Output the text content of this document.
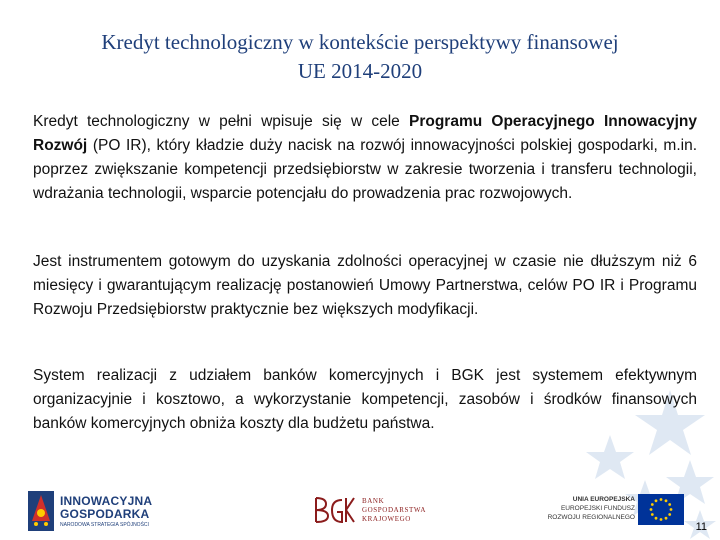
Kredyt technologiczny w kontekście perspektywy finansowej
UE 2014-2020

Kredyt technologiczny w pełni wpisuje się w cele Programu Operacyjnego Innowacyjny Rozwój (PO IR), który kładzie duży nacisk na rozwój innowacyjności polskiej gospodarki, m.in. poprzez zwiększanie kompetencji przedsiębiorstw w zakresie tworzenia i transferu technologii, wdrażania technologii, wsparcie potencjału do prowadzenia prac rozwojowych.

Jest instrumentem gotowym do uzyskania zdolności operacyjnej w czasie nie dłuższym niż 6 miesięcy i gwarantującym realizację postanowień Umowy Partnerstwa, celów PO IR i Programu Rozwoju Przedsiębiorstw praktycznie bez większych modyfikacji.

System realizacji z udziałem banków komercyjnych i BGK jest systemem efektywnym organizacyjnie i kosztowo, a wykorzystanie kompetencji, zasobów i środków finansowych banków komercyjnych obniża koszty dla budżetu państwa.

INNOWACYJNA
GOSPODARKA
NARODOWA STRATEGIA SPÓJNOŚCI
BANK
GOSPODARSTWA
KRAJOWEGO
UNIA EUROPEJSKA
EUROPEJSKI FUNDUSZ
ROZWOJU REGIONALNEGO
11
